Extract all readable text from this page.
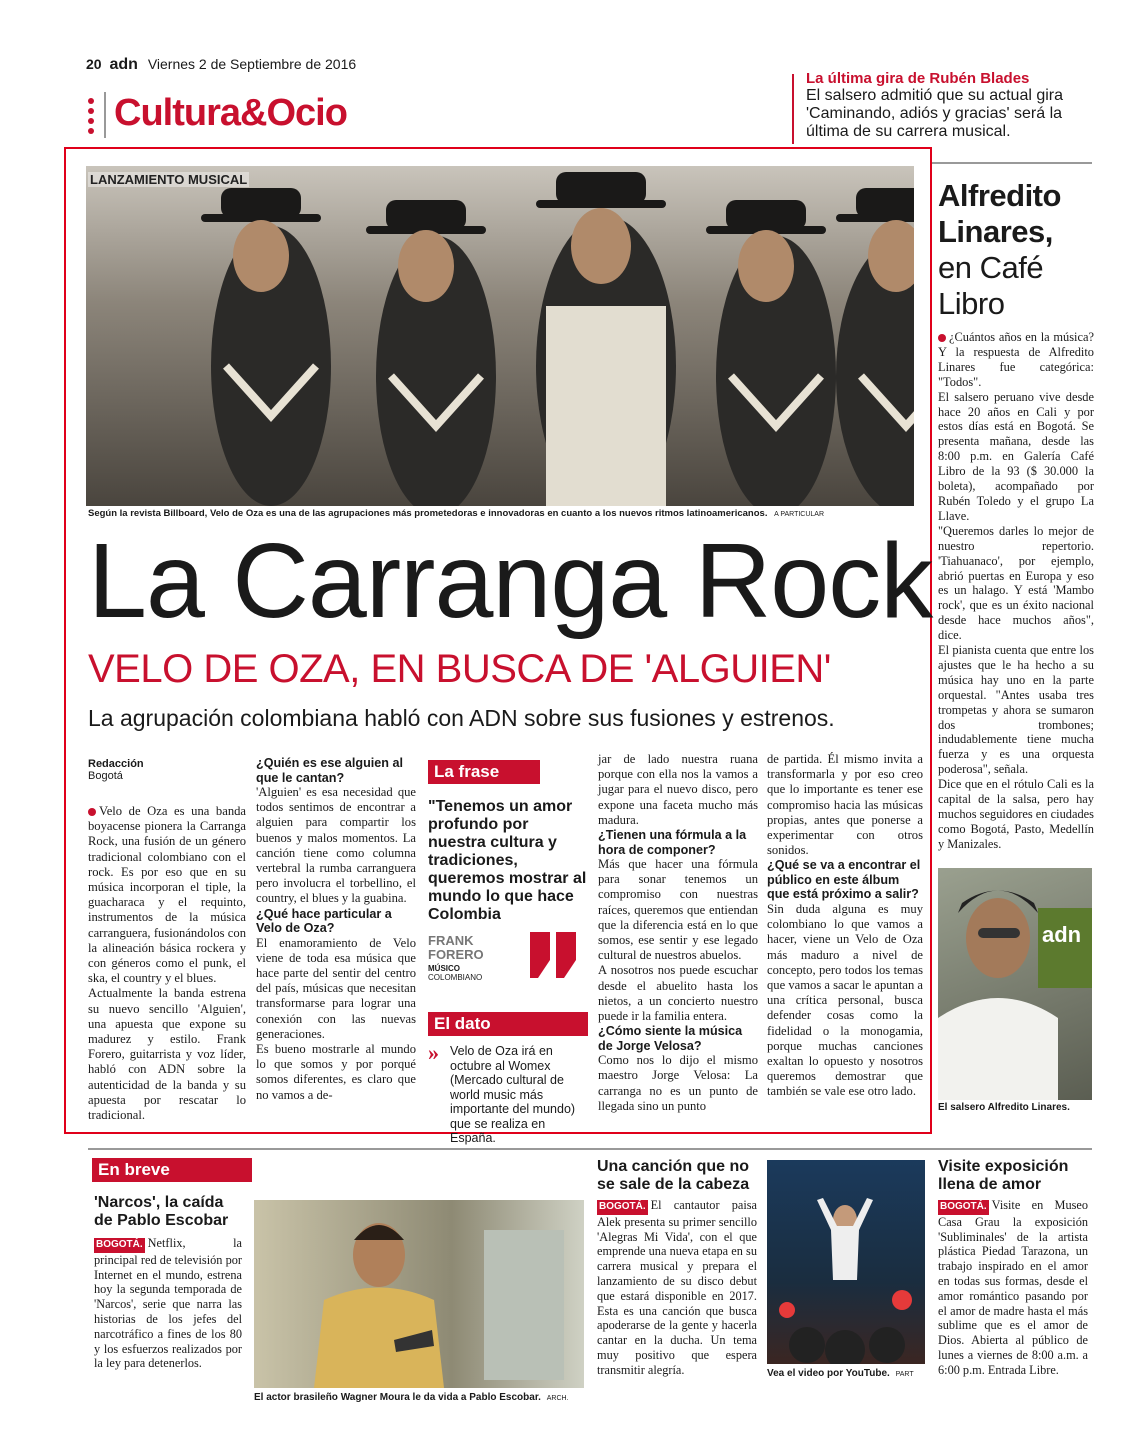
20 adn Viernes 2 de Septiembre de 2016
Cultura&Ocio
La última gira de Rubén Blades
El salsero admitió que su actual gira 'Caminando, adiós y gracias' será la última de su carrera musical.
LANZAMIENTO MUSICAL
Según la revista Billboard, Velo de Oza es una de las agrupaciones más prometedoras e innovadoras en cuanto a los nuevos ritmos latinoamericanos. A PARTICULAR
La Carranga Rock
VELO DE OZA, EN BUSCA DE 'ALGUIEN'
La agrupación colombiana habló con ADN sobre sus fusiones y estrenos.
Redacción
Bogotá
Velo de Oza es una banda boyacense pionera la Carranga Rock, una fusión de un género tradicional colombiano con el rock. Es por eso que en su música incorporan el tiple, la guacharaca y el requinto, instrumentos de la música carranguera, fusionándolos con la alineación básica rockera y con géneros como el punk, el ska, el country y el blues.
Actualmente la banda estrena su nuevo sencillo 'Alguien', una apuesta que expone su madurez y estilo. Frank Forero, guitarrista y voz líder, habló con ADN sobre la autenticidad de la banda y su apuesta por rescatar lo tradicional.
¿Quién es ese alguien al que le cantan?
'Alguien' es esa necesidad que todos sentimos de encontrar a alguien para compartir los buenos y malos momentos. La canción tiene como columna vertebral la rumba carranguera pero involucra el torbellino, el country, el blues y la guabina.
¿Qué hace particular a Velo de Oza?
El enamoramiento de Velo viene de toda esa música que hace parte del sentir del centro del país, músicas que necesitan transformarse para lograr una conexión con las nuevas generaciones.
Es bueno mostrarle al mundo lo que somos y por porqué somos diferentes, es claro que no vamos a de-
La frase
"Tenemos un amor profundo por nuestra cultura y tradiciones, queremos mostrar al mundo lo que hace Colombia
FRANK FORERO
MÚSICO
COLOMBIANO
El dato
» Velo de Oza irá en octubre al Womex (Mercado cultural de world music más importante del mundo) que se realiza en España.
jar de lado nuestra ruana porque con ella nos la vamos a jugar para el nuevo disco, pero expone una faceta mucho más madura.
¿Tienen una fórmula a la hora de componer?
Más que hacer una fórmula para sonar tenemos un compromiso con nuestras raíces, queremos que entiendan que la diferencia está en lo que somos, ese sentir y ese legado cultural de nuestros abuelos.
A nosotros nos puede escuchar desde el abuelito hasta los nietos, a un concierto nuestro puede ir la familia entera.
¿Cómo siente la música de Jorge Velosa?
Como nos lo dijo el mismo maestro Jorge Velosa: La carranga no es un punto de llegada sino un punto
de partida. Él mismo invita a transformarla y por eso creo que lo importante es tener ese compromiso hacia las músicas propias, antes que ponerse a experimentar con otros sonidos.
¿Qué se va a encontrar el público en este álbum que está próximo a salir?
Sin duda alguna es muy colombiano lo que vamos a hacer, viene un Velo de Oza más maduro a nivel de concepto, pero todos los temas que vamos a sacar le apuntan a una crítica personal, busca defender cosas como la fidelidad o la monogamia, porque muchas canciones exaltan lo opuesto y nosotros queremos demostrar que también se vale ese otro lado.
Alfredito Linares,
en Café Libro
¿Cuántos años en la música? Y la respuesta de Alfredito Linares fue categórica: "Todos".
El salsero peruano vive desde hace 20 años en Cali y por estos días está en Bogotá. Se presenta mañana, desde las 8:00 p.m. en Galería Café Libro de la 93 ($ 30.000 la boleta), acompañado por Rubén Toledo y el grupo La Llave.
"Queremos darles lo mejor de nuestro repertorio. 'Tiahuanaco', por ejemplo, abrió puertas en Europa y eso es un halago. Y está 'Mambo rock', que es un éxito nacional desde hace muchos años", dice.
El pianista cuenta que entre los ajustes que le ha hecho a su música hay uno en la parte orquestal. "Antes usaba tres trompetas y ahora se sumaron dos trombones; indudablemente tiene mucha fuerza y es una orquesta poderosa", señala.
Dice que en el rótulo Cali es la capital de la salsa, pero hay muchos seguidores en ciudades como Bogotá, Pasto, Medellín y Manizales.
adn
El salsero Alfredito Linares.
En breve
'Narcos', la caída de Pablo Escobar
BOGOTÁ. Netflix, la principal red de televisión por Internet en el mundo, estrena hoy la segunda temporada de 'Narcos', serie que narra las historias de los jefes del narcotráfico a fines de los 80 y los esfuerzos realizados por la ley para detenerlos.
El actor brasileño Wagner Moura le da vida a Pablo Escobar. ARCH.
Una canción que no se sale de la cabeza
BOGOTÁ. El cantautor paisa Alek presenta su primer sencillo 'Alegras Mi Vida', con el que emprende una nueva etapa en su carrera musical y prepara el lanzamiento de su disco debut que estará disponible en 2017. Esta es una canción que busca apoderarse de la gente y hacerla cantar en la ducha. Un tema muy positivo que espera transmitir alegría.	Vea el video por YouTube. PART
Visite exposición llena de amor
BOGOTÁ. Visite en Museo Casa Grau la exposición 'Subliminales' de la artista plástica Piedad Tarazona, un trabajo inspirado en el amor en todas sus formas, desde el amor romántico pasando por el amor de madre hasta el más sublime que es el amor de Dios. Abierta al público de lunes a viernes de 8:00 a.m. a 6:00 p.m. Entrada Libre.
